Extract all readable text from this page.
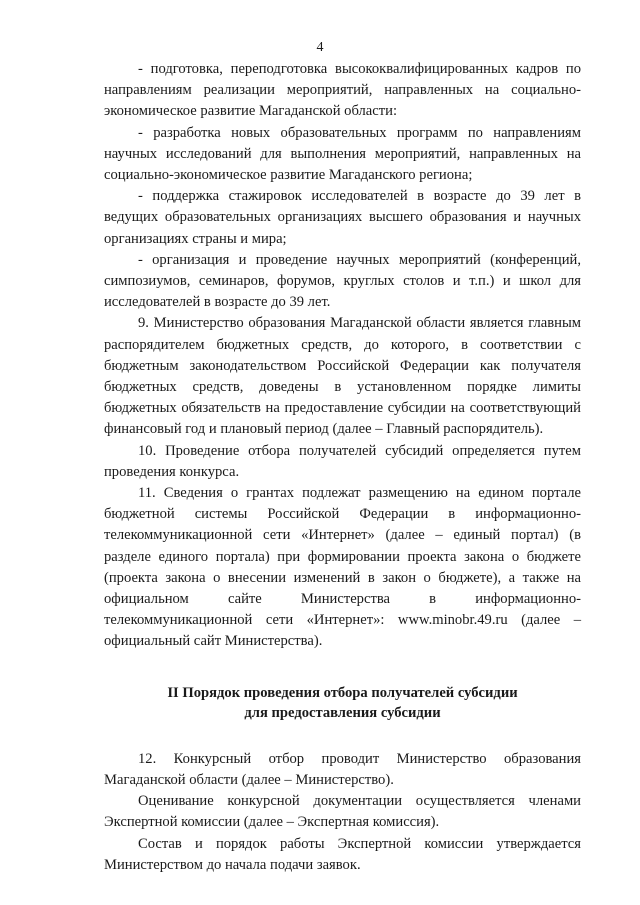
4

- подготовка, переподготовка высококвалифицированных кадров по направлениям реализации мероприятий, направленных на социально-экономическое развитие Магаданской области:

- разработка новых образовательных программ по направлениям научных исследований для выполнения мероприятий, направленных на социально-экономическое развитие Магаданского региона;

- поддержка стажировок исследователей в возрасте до 39 лет в ведущих образовательных организациях высшего образования и научных организациях страны и мира;

- организация и проведение научных мероприятий (конференций, симпозиумов, семинаров, форумов, круглых столов и т.п.) и школ для исследователей в возрасте до 39 лет.

9. Министерство образования Магаданской области является главным распорядителем бюджетных средств, до которого, в соответствии с бюджетным законодательством Российской Федерации как получателя бюджетных средств, доведены в установленном порядке лимиты бюджетных обязательств на предоставление субсидии на соответствующий финансовый год и плановый период (далее – Главный распорядитель).

10. Проведение отбора получателей субсидий определяется путем проведения конкурса.

11. Сведения о грантах подлежат размещению на едином портале бюджетной системы Российской Федерации в информационно-телекоммуникационной сети «Интернет» (далее – единый портал) (в разделе единого портала) при формировании проекта закона о бюджете (проекта закона о внесении изменений в закон о бюджете), а также на официальном сайте Министерства в информационно-телекоммуникационной сети «Интернет»: www.minobr.49.ru (далее – официальный сайт Министерства).

II Порядок проведения отбора получателей субсидии
для предоставления субсидии

12. Конкурсный отбор проводит Министерство образования Магаданской области (далее – Министерство).

Оценивание конкурсной документации осуществляется членами Экспертной комиссии (далее – Экспертная комиссия).

Состав и порядок работы Экспертной комиссии утверждается Министерством до начала подачи заявок.
